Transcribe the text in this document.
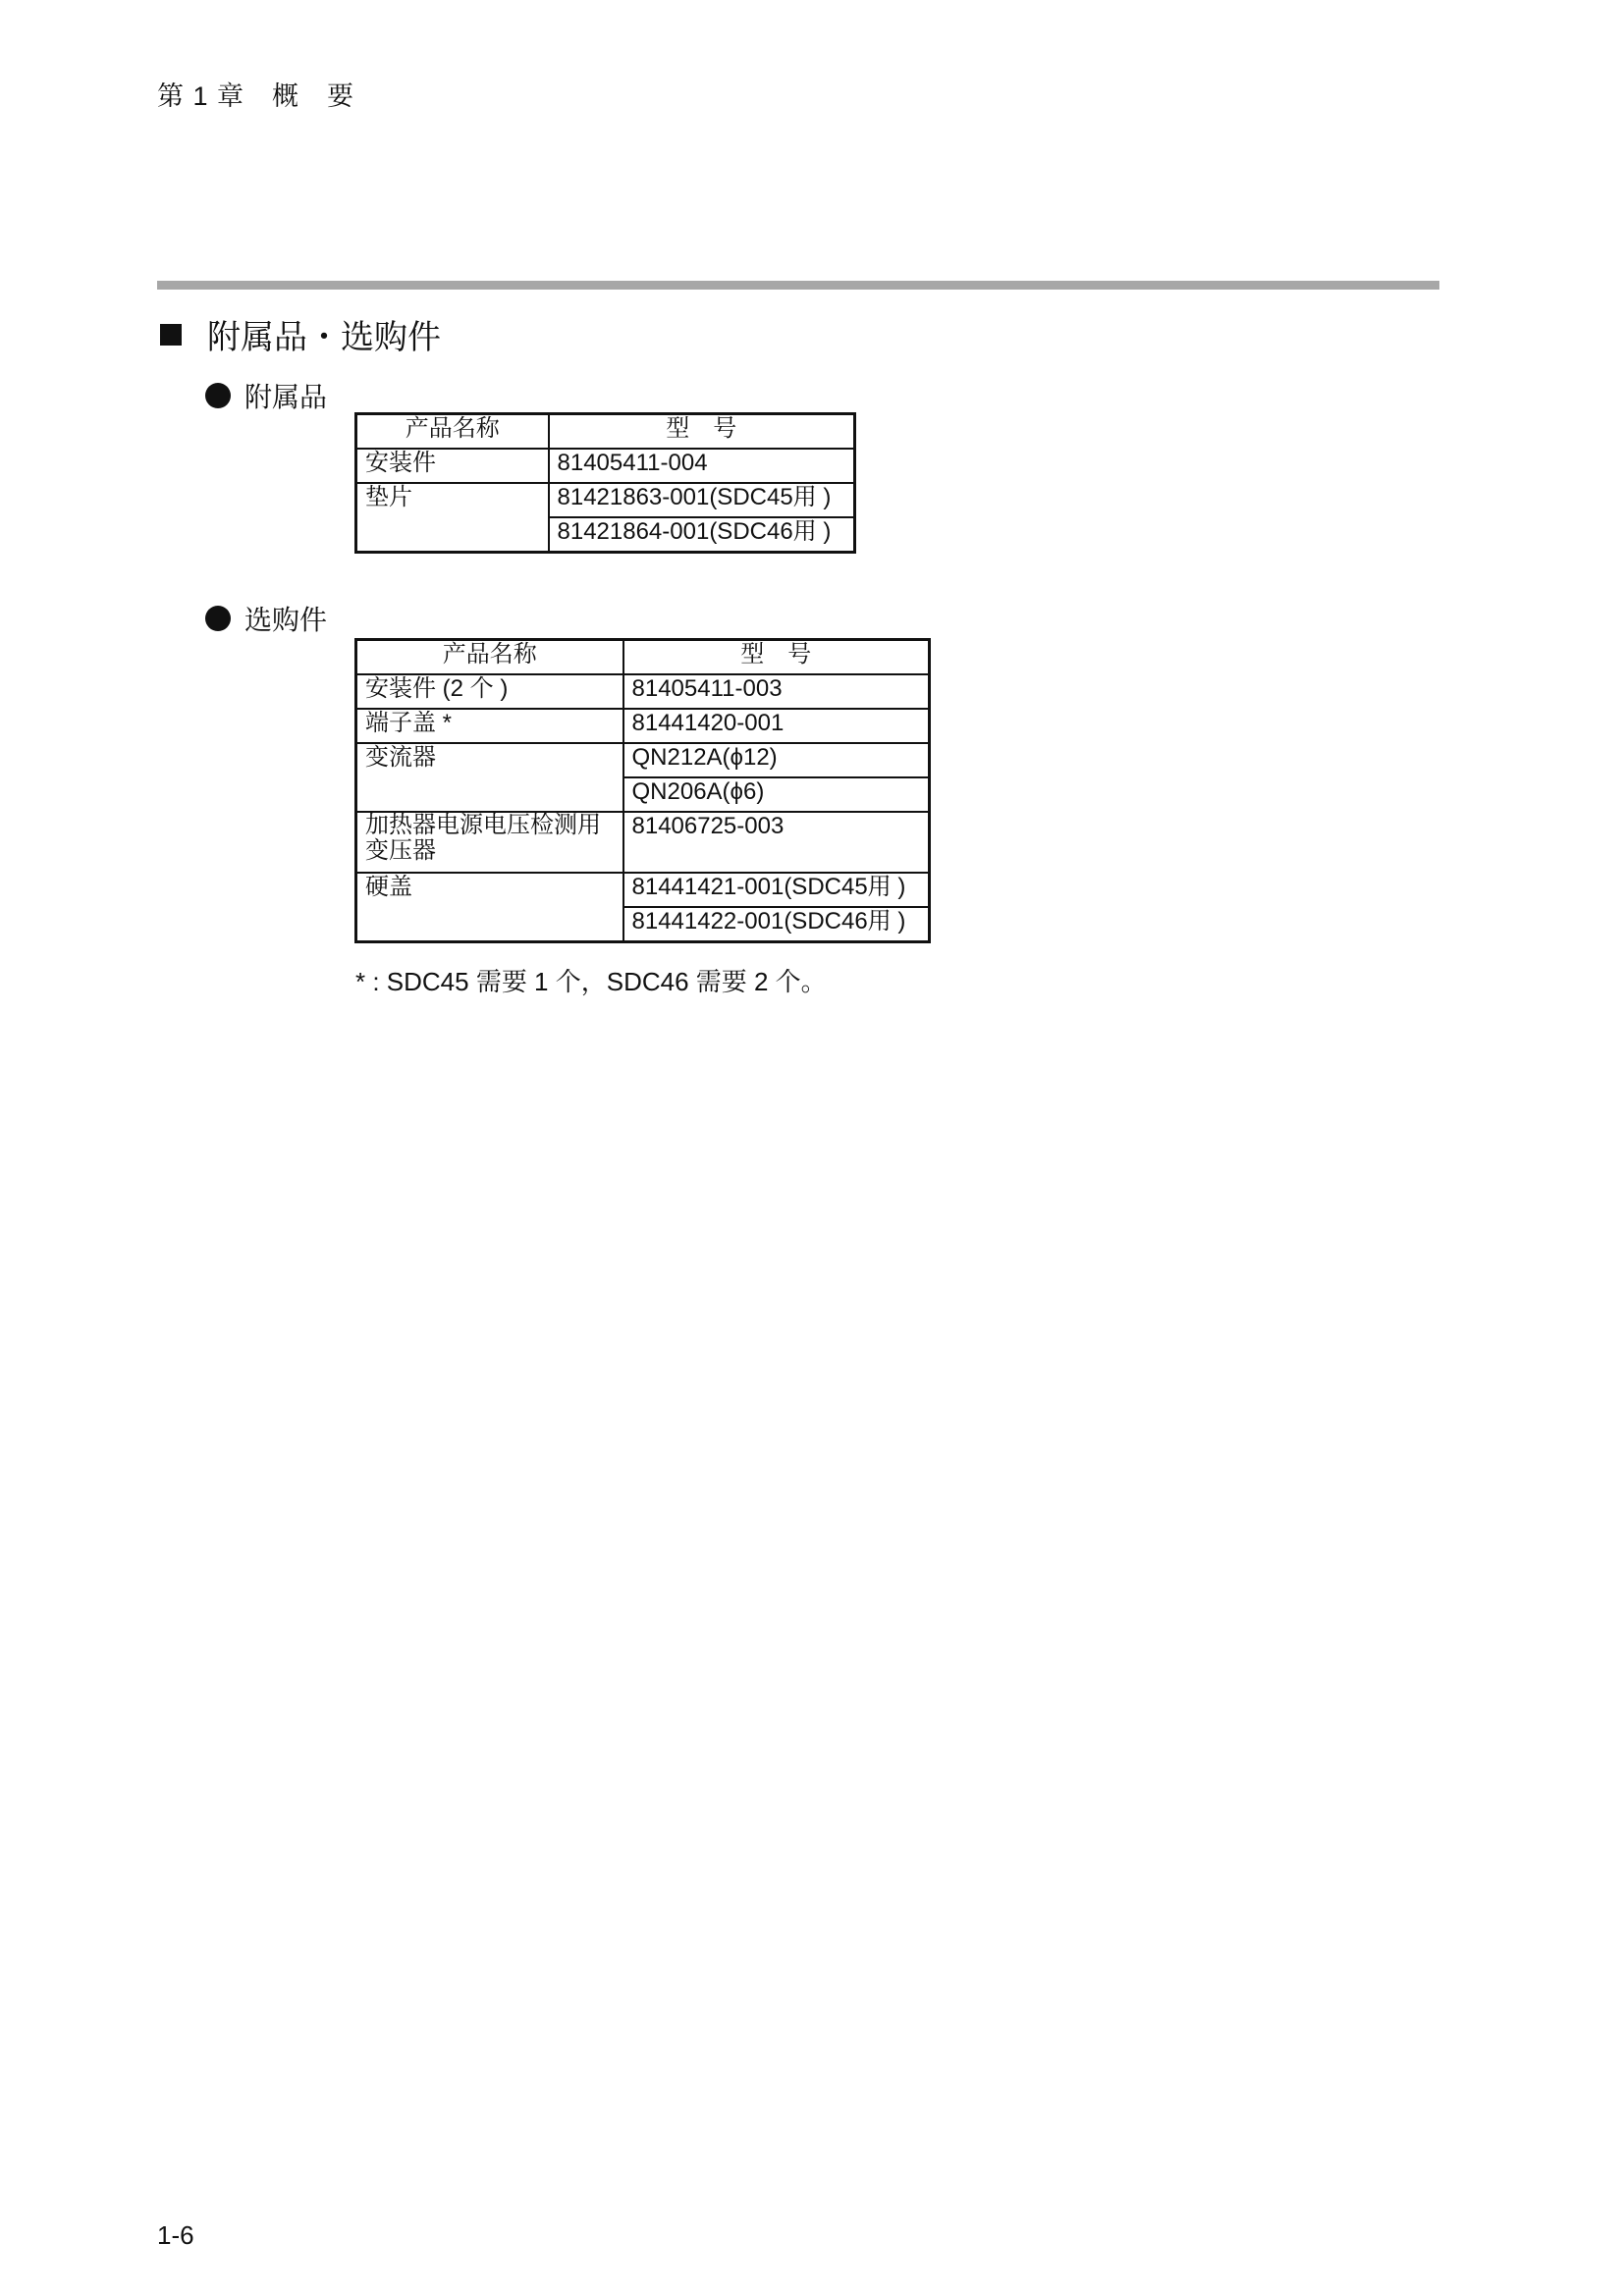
第 1 章　概　要
附属品・选购件
附属品
产品名称	型　号
安装件	81405411-004
垫片	81421863-001(SDC45用 )
	81421864-001(SDC46用 )
选购件
产品名称	型　号
安装件 (2 个 )	81405411-003
端子盖 *	81441420-001
变流器	QN212A(ϕ12)
	QN206A(ϕ6)
加热器电源电压检测用变压器	81406725-003
硬盖	81441421-001(SDC45用 )
	81441422-001(SDC46用 )
* : SDC45 需要 1 个，SDC46 需要 2 个。
1-6
